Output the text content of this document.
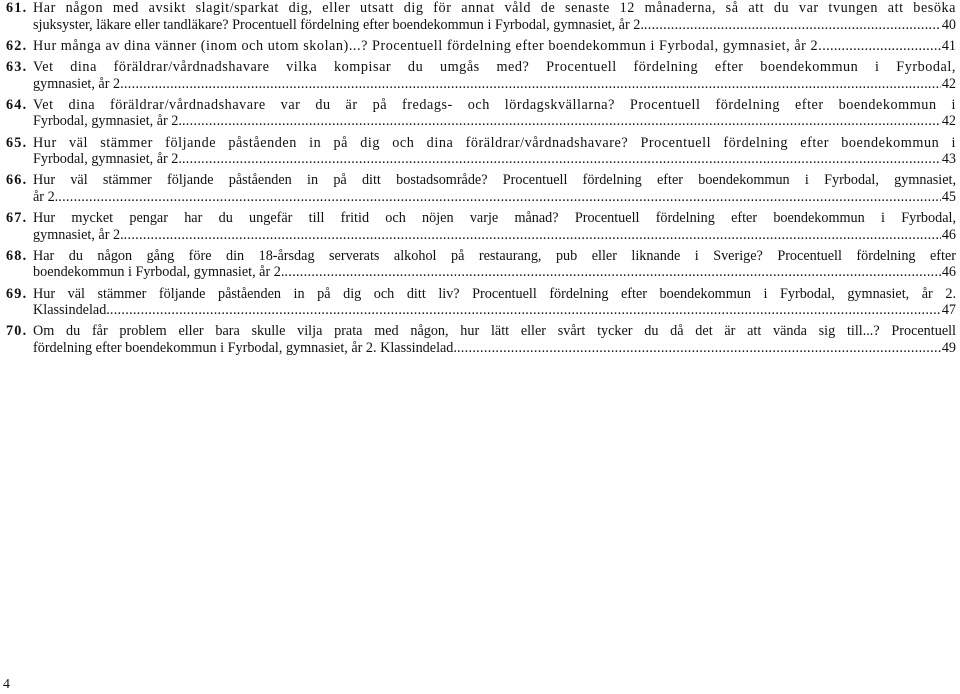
61. Har någon med avsikt slagit/sparkat dig, eller utsatt dig för annat våld de senaste 12 månaderna, så att du var tvungen att besöka
sjuksyster, läkare eller tandläkare? Procentuell fördelning efter boendekommun i Fyrbodal, gymnasiet, år 2. .....	40
62. Hur många av dina vänner (inom och utom skolan)...? Procentuell fördelning efter boendekommun i Fyrbodal, gymnasiet, år 2. .....	41
63. Vet dina föräldrar/vårdnadshavare vilka kompisar du umgås med? Procentuell fördelning efter boendekommun i Fyrbodal,
gymnasiet, år 2 .....	42
64. Vet dina föräldrar/vårdnadshavare var du är på fredags- och lördagskvällarna? Procentuell fördelning efter boendekommun i
Fyrbodal, gymnasiet, år 2. .....	42
65. Hur väl stämmer följande påståenden in på dig och dina föräldrar/vårdnadshavare? Procentuell fördelning efter boendekommun i
Fyrbodal, gymnasiet, år 2. .....	43
66. Hur väl stämmer följande påståenden in på ditt bostadsområde? Procentuell fördelning efter boendekommun i Fyrbodal, gymnasiet,
år 2. .....	45
67. Hur mycket pengar har du ungefär till fritid och nöjen varje månad? Procentuell fördelning efter boendekommun i Fyrbodal,
gymnasiet, år 2. .....	46
68. Har du någon gång före din 18-årsdag serverats alkohol på restaurang, pub eller liknande i Sverige? Procentuell fördelning efter
boendekommun i Fyrbodal, gymnasiet, år 2. .....	46
69. Hur väl stämmer följande påståenden in på dig och ditt liv? Procentuell fördelning efter boendekommun i Fyrbodal, gymnasiet, år 2.
Klassindelad. .....	47
70. Om du får problem eller bara skulle vilja prata med någon, hur lätt eller svårt tycker du då det är att vända sig till...? Procentuell
fördelning efter boendekommun i Fyrbodal, gymnasiet, år 2. Klassindelad. .....	49
4
